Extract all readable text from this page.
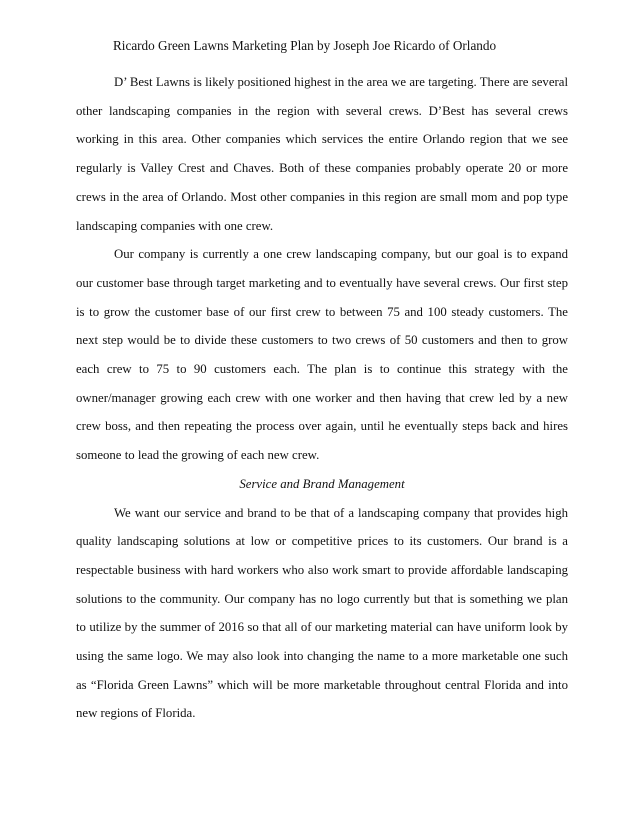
Ricardo Green Lawns Marketing Plan by Joseph Joe Ricardo of Orlando

D’ Best Lawns is likely positioned highest in the area we are targeting. There are several other landscaping companies in the region with several crews. D’Best has several crews working in this area. Other companies which services the entire Orlando region that we see regularly is Valley Crest and Chaves. Both of these companies probably operate 20 or more crews in the area of Orlando. Most other companies in this region are small mom and pop type landscaping companies with one crew.

Our company is currently a one crew landscaping company, but our goal is to expand our customer base through target marketing and to eventually have several crews. Our first step is to grow the customer base of our first crew to between 75 and 100 steady customers. The next step would be to divide these customers to two crews of 50 customers and then to grow each crew to 75 to 90 customers each. The plan is to continue this strategy with the owner/manager growing each crew with one worker and then having that crew led by a new crew boss, and then repeating the process over again, until he eventually steps back and hires someone to lead the growing of each new crew.

Service and Brand Management

We want our service and brand to be that of a landscaping company that provides high quality landscaping solutions at low or competitive prices to its customers. Our brand is a respectable business with hard workers who also work smart to provide affordable landscaping solutions to the community. Our company has no logo currently but that is something we plan to utilize by the summer of 2016 so that all of our marketing material can have uniform look by using the same logo. We may also look into changing the name to a more marketable one such as “Florida Green Lawns” which will be more marketable throughout central Florida and into new regions of Florida.
